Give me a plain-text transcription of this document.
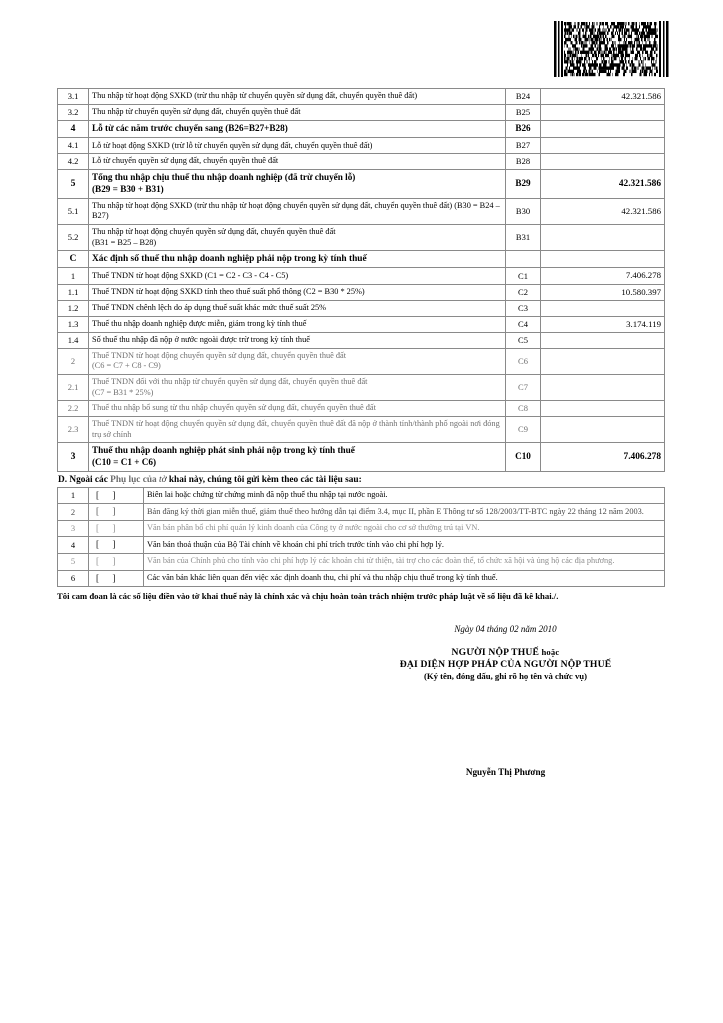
3.1	Thu nhập từ hoạt động SXKD (trừ thu nhập từ chuyển quyền sử dụng đất, chuyển quyền thuê đất)	B24	42.321.586
3.2	Thu nhập từ chuyển quyền sử dụng đất, chuyển quyền thuê đất	B25	
4	Lỗ từ các năm trước chuyển sang (B26=B27+B28)	B26	
4.1	Lỗ từ hoạt động SXKD (trừ lỗ từ chuyển quyền sử dụng đất, chuyển quyền thuê đất)	B27	
4.2	Lỗ từ chuyển quyền sử dụng đất, chuyển quyền thuê đất	B28	
5	Tổng thu nhập chịu thuế thu nhập doanh nghiệp (đã trừ chuyển lỗ)
(B29 = B30 + B31)	B29	42.321.586
5.1	Thu nhập từ hoạt động SXKD (trừ thu nhập từ hoạt động chuyển quyền sử dụng đất, chuyển quyền thuê đất) (B30 = B24 – B27)	B30	42.321.586
5.2	Thu nhập từ hoạt động chuyển quyền sử dụng đất, chuyển quyền thuê đất
(B31 = B25 – B28)	B31	
C	Xác định số thuế thu nhập doanh nghiệp phải nộp trong kỳ tính thuế		
1	Thuế TNDN từ hoạt động SXKD (C1 = C2 - C3 - C4 - C5)	C1	7.406.278
1.1	Thuế TNDN từ hoạt động SXKD tính theo thuế suất phổ thông (C2 = B30 * 25%)	C2	10.580.397
1.2	Thuế TNDN chênh lệch do áp dụng thuế suất khác mức thuế suất 25%	C3	
1.3	Thuế thu nhập doanh nghiệp được miễn, giảm trong kỳ tính thuế	C4	3.174.119
1.4	Số thuế thu nhập đã nộp ở nước ngoài được trừ trong kỳ tính thuế	C5	
2	Thuế TNDN từ hoạt động chuyển quyền sử dụng đất, chuyển quyền thuê đất
(C6 = C7 + C8 - C9)	C6	
2.1	Thuế TNDN đối với thu nhập từ chuyển quyền sử dụng đất, chuyển quyền thuê đất
(C7 = B31 * 25%)	C7	
2.2	Thuế thu nhập bổ sung từ thu nhập chuyển quyền sử dụng đất, chuyển quyền thuê đất	C8	
2.3	Thuế TNDN từ hoạt động chuyển quyền sử dụng đất, chuyển quyền thuê đất đã nộp ở thành tỉnh/thành phố ngoài nơi đóng trụ sở chính	C9	
3	Thuế thu nhập doanh nghiệp phát sinh phải nộp trong kỳ tính thuế
(C10 = C1 + C6)	C10	7.406.278

D. Ngoài các Phụ lục của tờ khai này, chúng tôi gửi kèm theo các tài liệu sau:

1	[      ]	Biên lai hoặc chứng từ chứng minh đã nộp thuế thu nhập tại nước ngoài.
2	[      ]	Bản đăng ký thời gian miễn thuế, giảm thuế theo hướng dẫn tại điểm 3.4, mục II, phần E Thông tư số 128/2003/TT-BTC ngày 22 tháng 12 năm 2003.
3	[      ]	Văn bản phân bổ chi phí quản lý kinh doanh của Công ty ở nước ngoài cho cơ sở thường trú tại VN.
4	[      ]	Văn bản thoả thuận của Bộ Tài chính về khoản chi phí trích trước tính vào chi phí hợp lý.
5	[      ]	Văn bản của Chính phủ cho tính vào chi phí hợp lý các khoản chi từ thiện, tài trợ cho các đoàn thể, tổ chức xã hội và ủng hộ các địa phương.
6	[      ]	Các văn bản khác liên quan đến việc xác định doanh thu, chi phí và thu nhập chịu thuế trong kỳ tính thuế.

Tôi cam đoan là các số liệu điền vào tờ khai thuế này là chính xác và chịu hoàn toàn trách nhiệm trước pháp luật về số liệu đã kê khai./.

Ngày 04 tháng 02 năm 2010
NGƯỜI NỘP THUẾ hoặc
ĐẠI DIỆN HỢP PHÁP CỦA NGƯỜI NỘP THUẾ
(Ký tên, đóng dấu, ghi rõ họ tên và chức vụ)
Nguyễn Thị Phương
